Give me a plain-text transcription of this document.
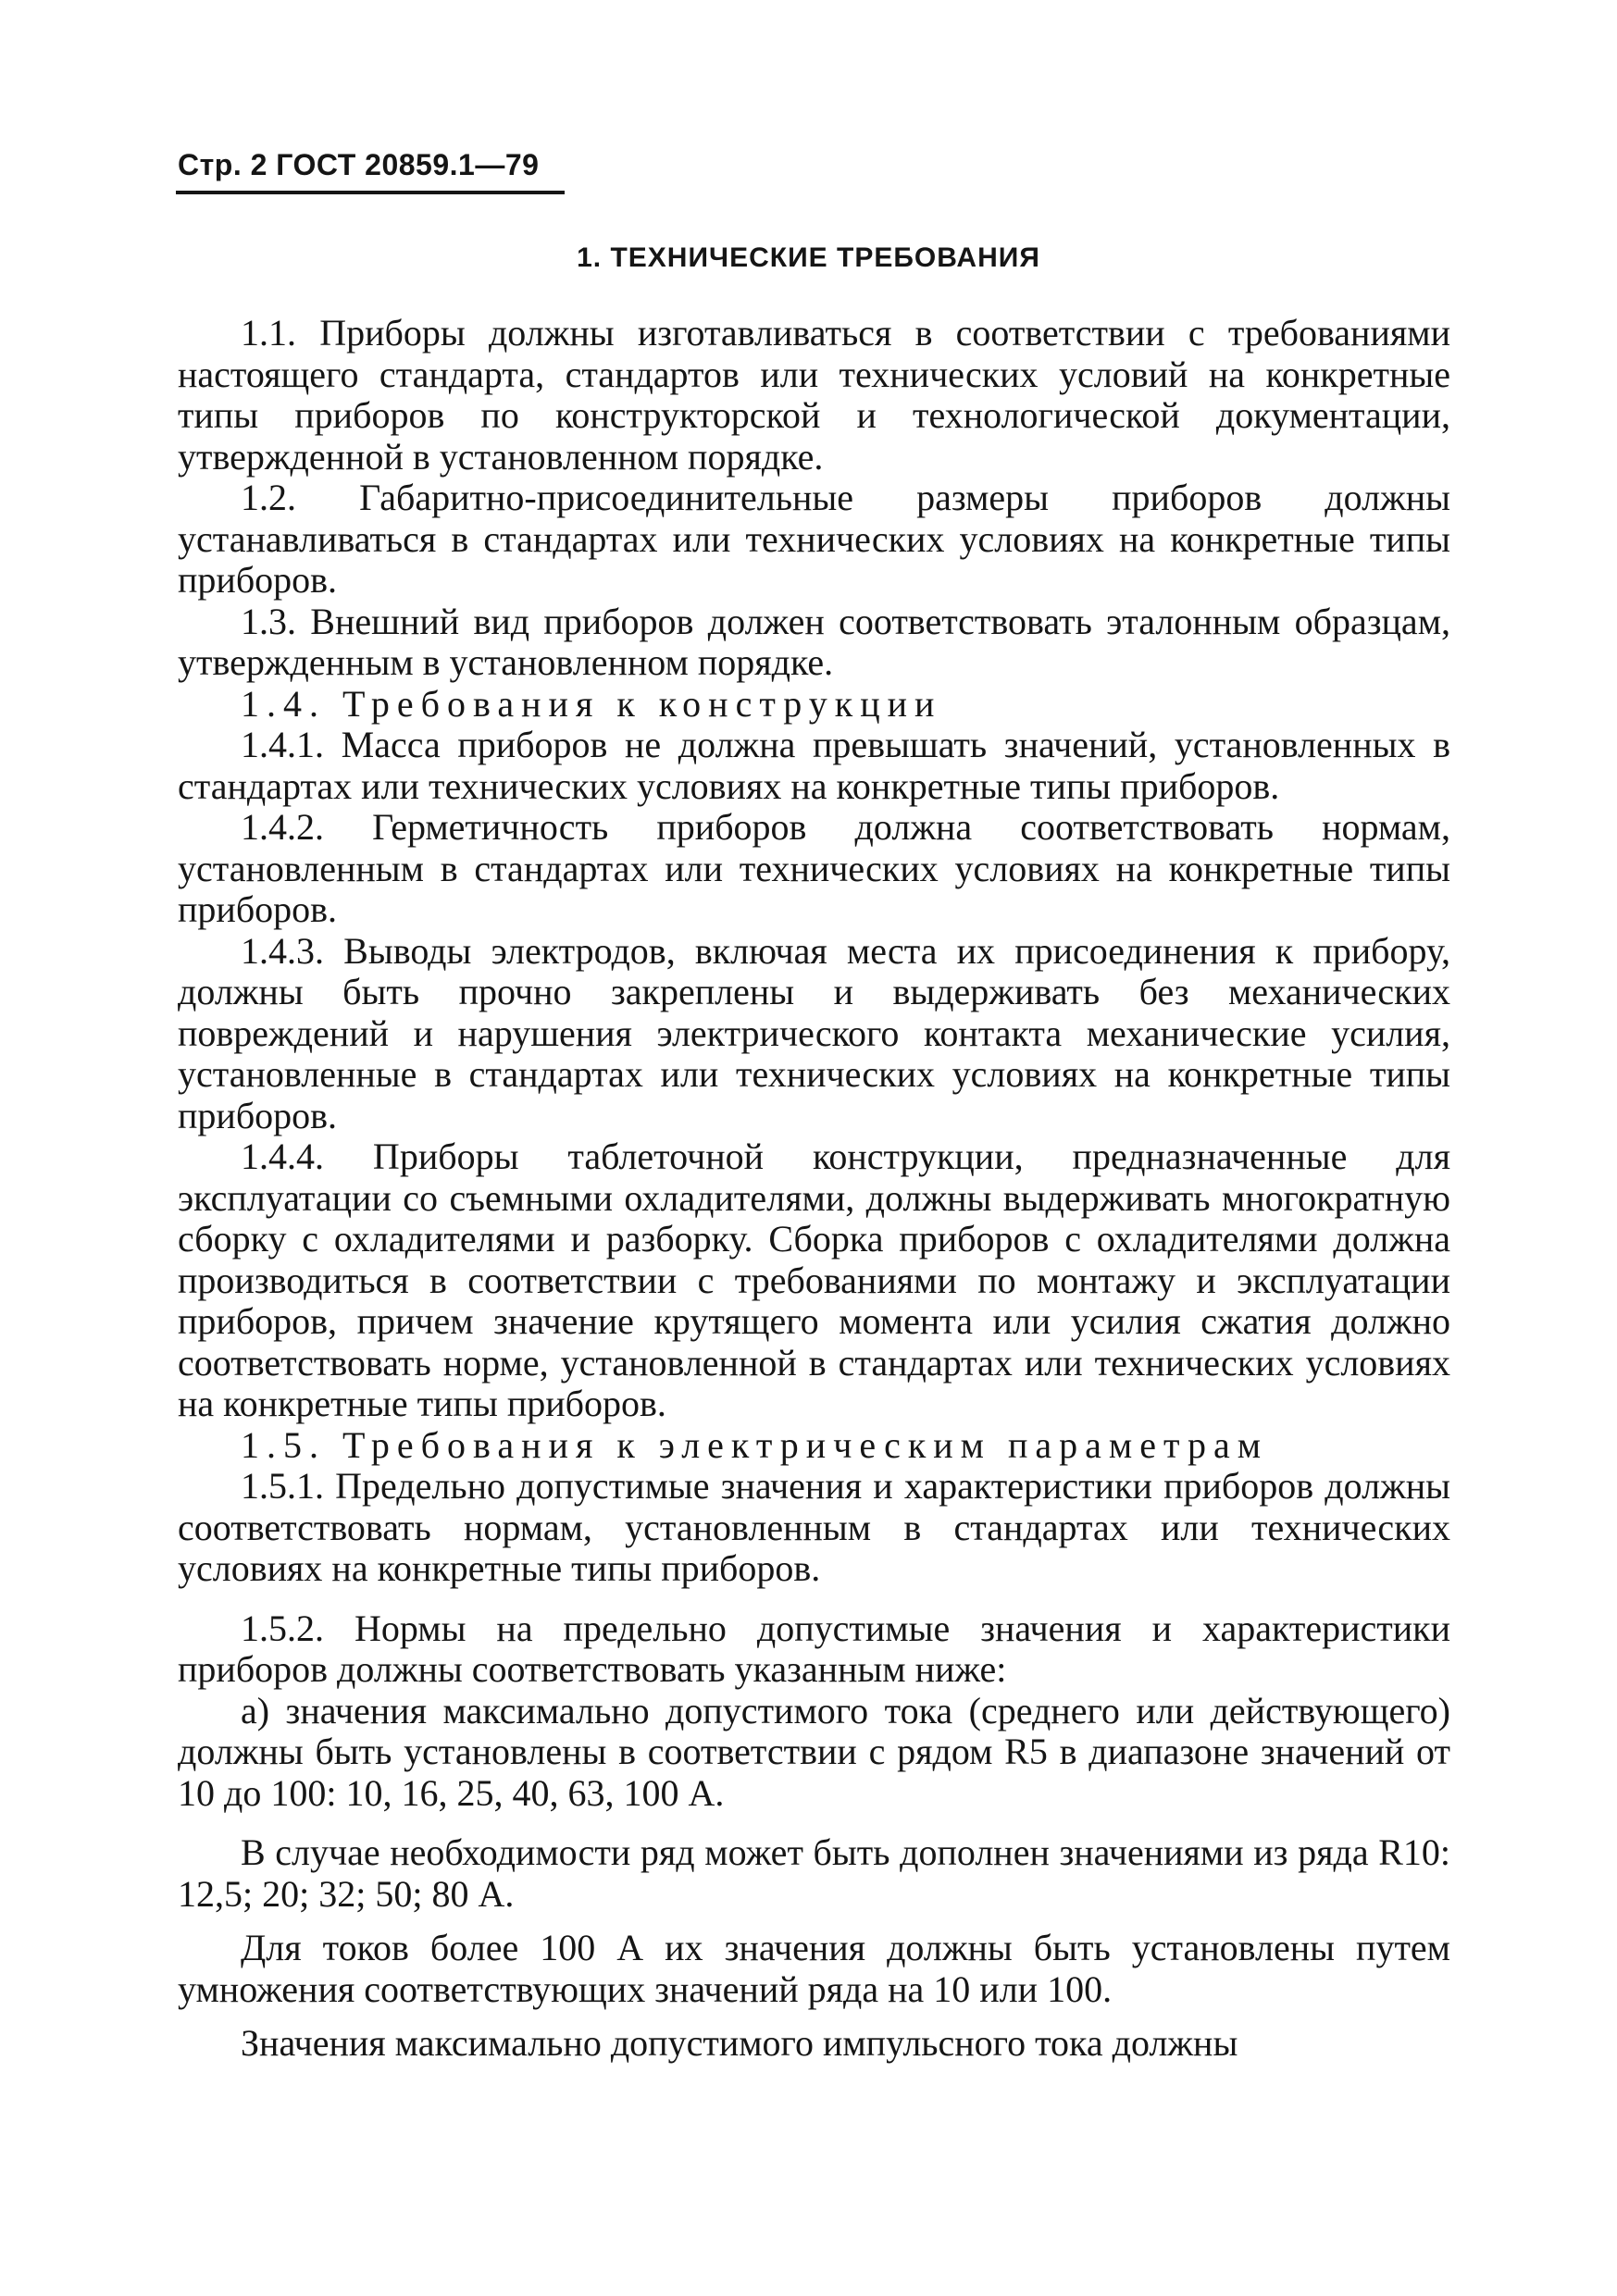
Стр. 2 ГОСТ 20859.1—79
1. ТЕХНИЧЕСКИЕ ТРЕБОВАНИЯ

1.1. Приборы должны изготавливаться в соответствии с требованиями настоящего стандарта, стандартов или технических условий на конкретные типы приборов по конструкторской и технологической документации, утвержденной в установленном порядке.

1.2. Габаритно-присоединительные размеры приборов должны устанавливаться в стандартах или технических условиях на конкретные типы приборов.

1.3. Внешний вид приборов должен соответствовать эталонным образцам, утвержденным в установленном порядке.

1.4. Требования к конструкции

1.4.1. Масса приборов не должна превышать значений, установленных в стандартах или технических условиях на конкретные типы приборов.

1.4.2. Герметичность приборов должна соответствовать нормам, установленным в стандартах или технических условиях на конкретные типы приборов.

1.4.3. Выводы электродов, включая места их присоединения к прибору, должны быть прочно закреплены и выдерживать без механических повреждений и нарушения электрического контакта механические усилия, установленные в стандартах или технических условиях на конкретные типы приборов.

1.4.4. Приборы таблеточной конструкции, предназначенные для эксплуатации со съемными охладителями, должны выдерживать многократную сборку с охладителями и разборку. Сборка приборов с охладителями должна производиться в соответствии с требованиями по монтажу и эксплуатации приборов, причем значение крутящего момента или усилия сжатия должно соответствовать норме, установленной в стандартах или технических условиях на конкретные типы приборов.

1.5. Требования к электрическим параметрам

1.5.1. Предельно допустимые значения и характеристики приборов должны соответствовать нормам, установленным в стандартах или технических условиях на конкретные типы приборов.

1.5.2. Нормы на предельно допустимые значения и характеристики приборов должны соответствовать указанным ниже:

а) значения максимально допустимого тока (среднего или действующего) должны быть установлены в соответствии с рядом R5 в диапазоне значений от 10 до 100: 10, 16, 25, 40, 63, 100 А.

В случае необходимости ряд может быть дополнен значениями из ряда R10: 12,5; 20; 32; 50; 80 А.

Для токов более 100 А их значения должны быть установлены путем умножения соответствующих значений ряда на 10 или 100.

Значения максимально допустимого импульсного тока должны
